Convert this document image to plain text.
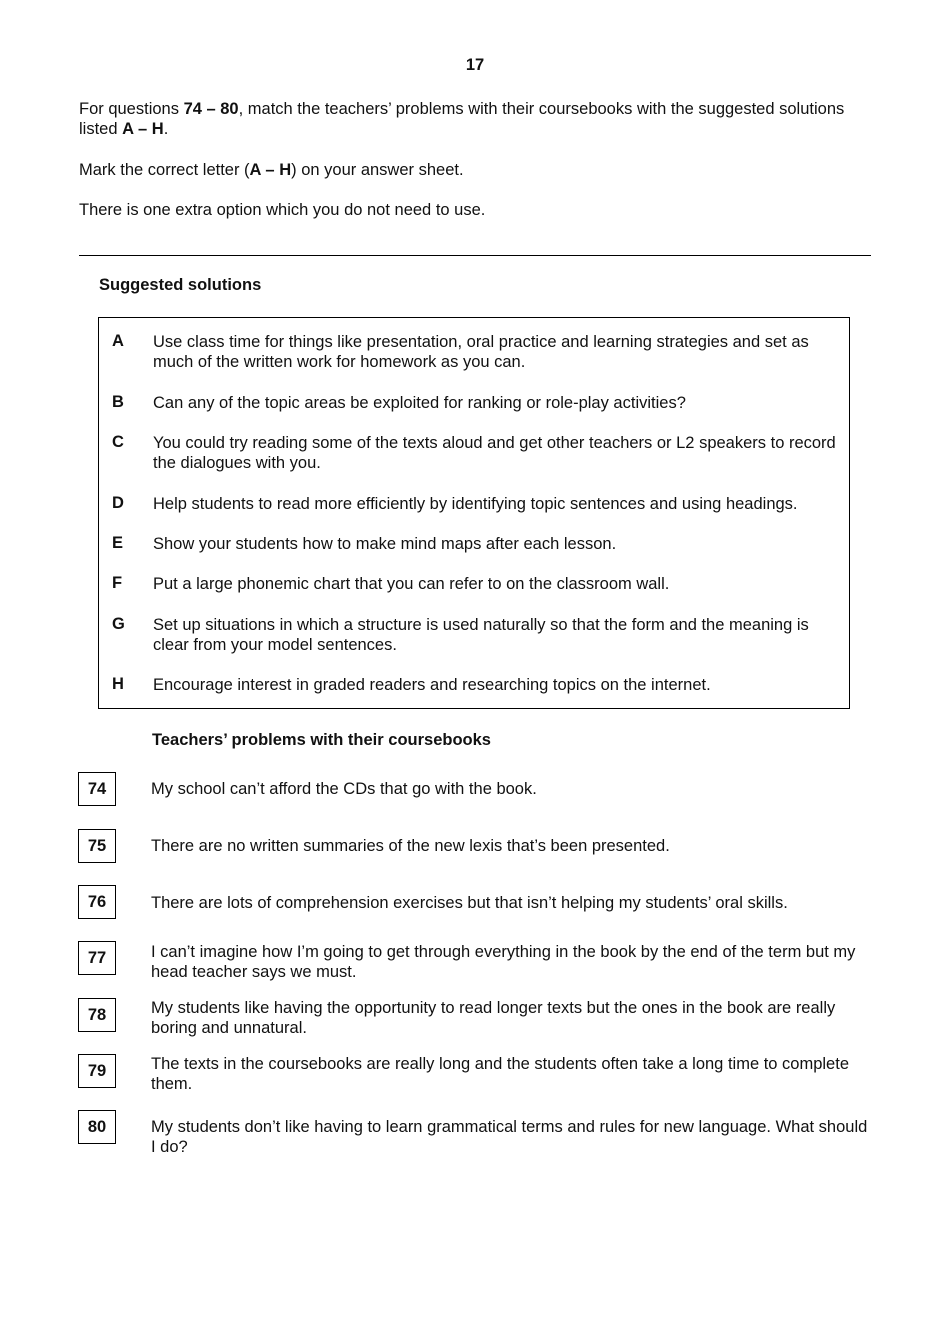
17
For questions 74 – 80, match the teachers’ problems with their coursebooks with the suggested solutions listed A – H.
Mark the correct letter (A – H) on your answer sheet.
There is one extra option which you do not need to use.
Suggested solutions
A Use class time for things like presentation, oral practice and learning strategies and set as much of the written work for homework as you can.
B Can any of the topic areas be exploited for ranking or role-play activities?
C You could try reading some of the texts aloud and get other teachers or L2 speakers to record the dialogues with you.
D Help students to read more efficiently by identifying topic sentences and using headings.
E Show your students how to make mind maps after each lesson.
F Put a large phonemic chart that you can refer to on the classroom wall.
G Set up situations in which a structure is used naturally so that the form and the meaning is clear from your model sentences.
H Encourage interest in graded readers and researching topics on the internet.
Teachers’ problems with their coursebooks
74	My school can’t afford the CDs that go with the book.
75	There are no written summaries of the new lexis that’s been presented.
76	There are lots of comprehension exercises but that isn’t helping my students’ oral skills.
77	I can’t imagine how I’m going to get through everything in the book by the end of the term but my head teacher says we must.
78	My students like having the opportunity to read longer texts but the ones in the book are really boring and unnatural.
79	The texts in the coursebooks are really long and the students often take a long time to complete them.
80	My students don’t like having to learn grammatical terms and rules for new language. What should I do?
